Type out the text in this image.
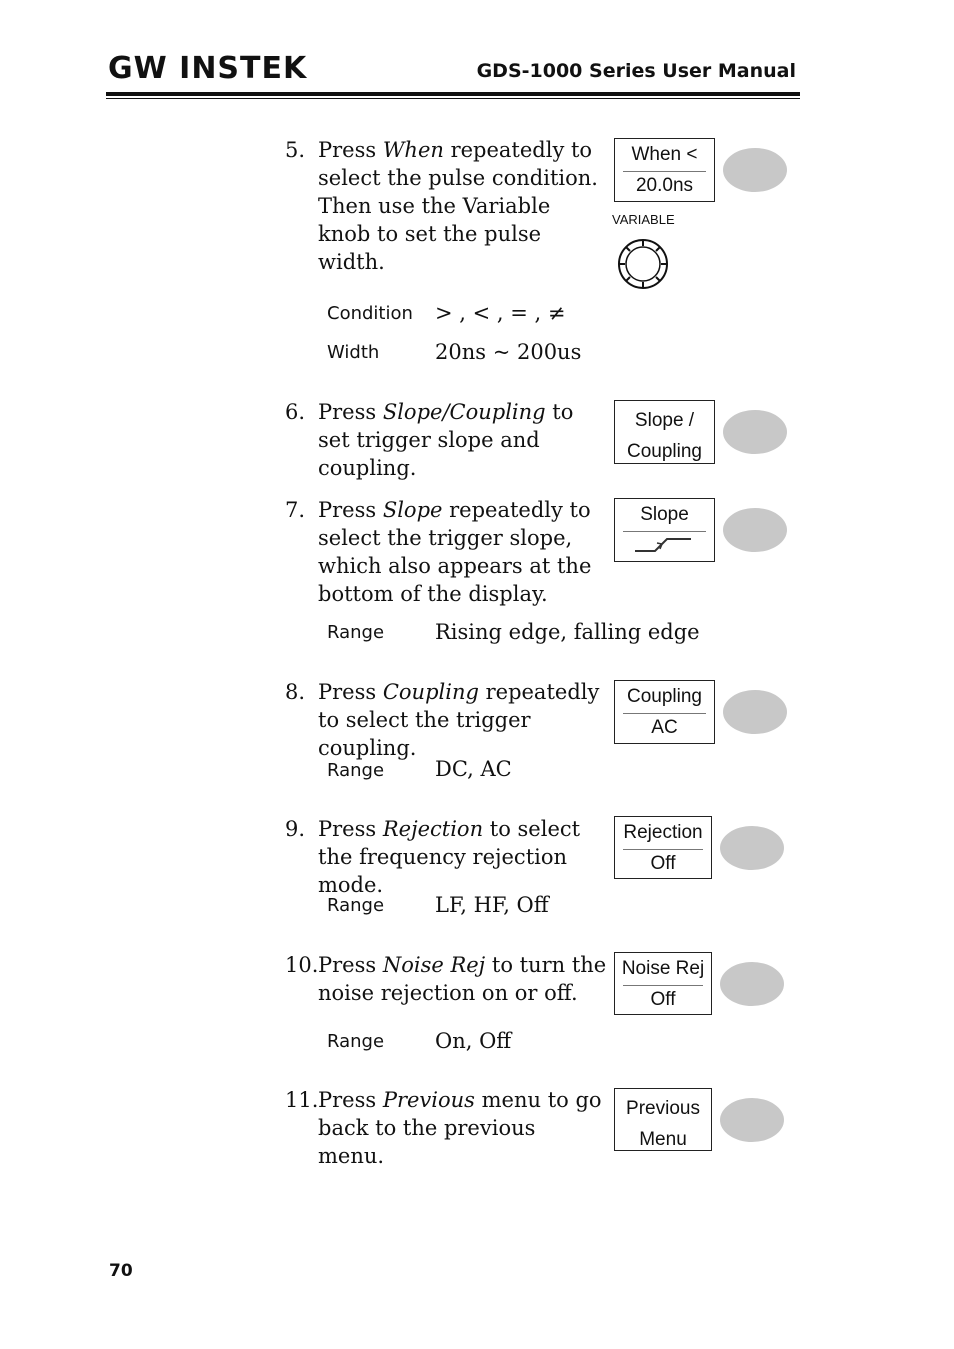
GW INSTEK	GDS-1000 Series User Manual
5. Press When repeatedly to select the pulse condition. Then use the Variable knob to set the pulse width.
When <
20.0ns
VARIABLE
Condition > , < , = , ≠
Width	20ns ~ 200us
6. Press Slope/Coupling to set trigger slope and coupling.
Slope /
Coupling
7. Press Slope repeatedly to select the trigger slope, which also appears at the bottom of the display.
Slope
Range Rising edge, falling edge
8. Press Coupling repeatedly to select the trigger coupling.
Coupling
AC
Range DC, AC
9. Press Rejection to select the frequency rejection mode.
Rejection
Off
Range LF, HF, Off
10. Press Noise Rej to turn the noise rejection on or off.
Noise Rej
Off
Range On, Off
11. Press Previous menu to go back to the previous menu.
Previous
Menu
70
